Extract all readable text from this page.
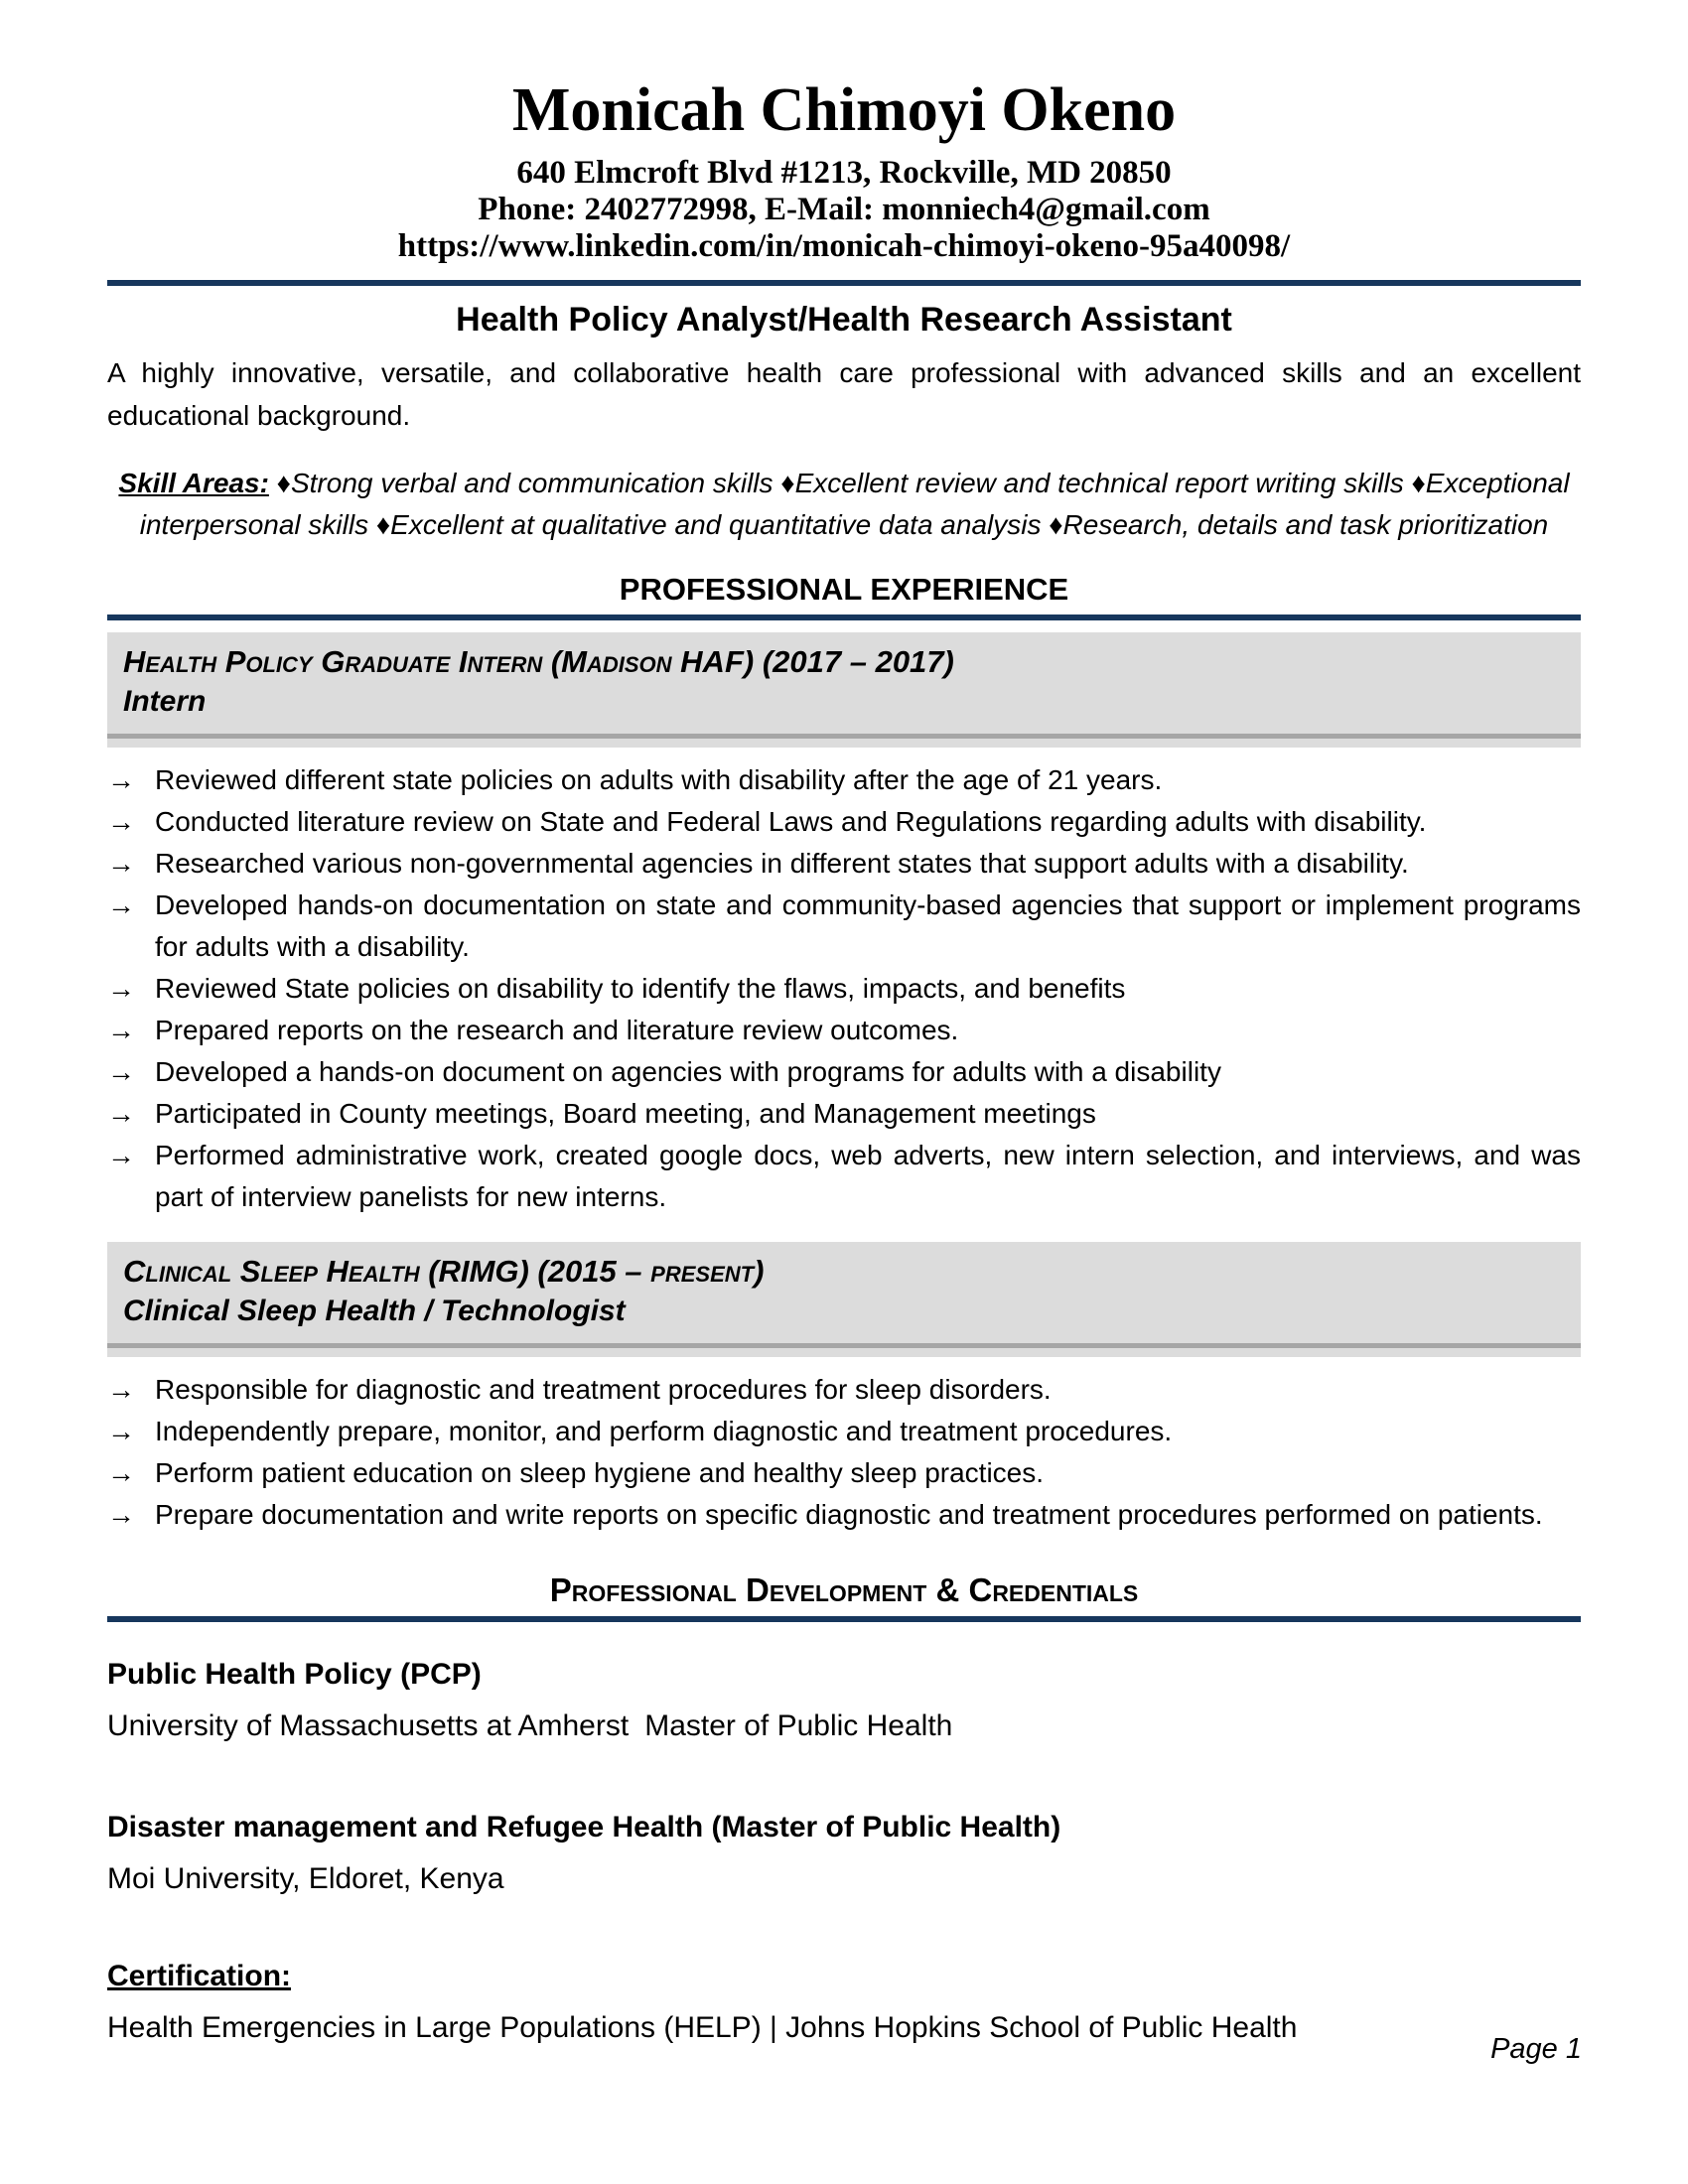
Monicah Chimoyi Okeno
640 Elmcroft Blvd #1213, Rockville, MD 20850
Phone: 2402772998, E-Mail: monniech4@gmail.com
https://www.linkedin.com/in/monicah-chimoyi-okeno-95a40098/
Health Policy Analyst/Health Research Assistant
A highly innovative, versatile, and collaborative health care professional with advanced skills and an excellent educational background.
Skill Areas: ♦Strong verbal and communication skills ♦Excellent review and technical report writing skills ♦Exceptional interpersonal skills ♦Excellent at qualitative and quantitative data analysis ♦Research, details and task prioritization
PROFESSIONAL EXPERIENCE
Health Policy Graduate Intern (Madison HAF) (2017 – 2017)
Intern
→ Reviewed different state policies on adults with disability after the age of 21 years.
→ Conducted literature review on State and Federal Laws and Regulations regarding adults with disability.
→ Researched various non-governmental agencies in different states that support adults with a disability.
→ Developed hands-on documentation on state and community-based agencies that support or implement programs for adults with a disability.
→ Reviewed State policies on disability to identify the flaws, impacts, and benefits
→ Prepared reports on the research and literature review outcomes.
→ Developed a hands-on document on agencies with programs for adults with a disability
→ Participated in County meetings, Board meeting, and Management meetings
→ Performed administrative work, created google docs, web adverts, new intern selection, and interviews, and was part of interview panelists for new interns.
Clinical Sleep Health (RIMG) (2015 – present)
Clinical Sleep Health / Technologist
→ Responsible for diagnostic and treatment procedures for sleep disorders.
→ Independently prepare, monitor, and perform diagnostic and treatment procedures.
→ Perform patient education on sleep hygiene and healthy sleep practices.
→ Prepare documentation and write reports on specific diagnostic and treatment procedures performed on patients.
Professional Development & Credentials
Public Health Policy (PCP)
University of Massachusetts at Amherst Master of Public Health
Disaster management and Refugee Health (Master of Public Health)
Moi University, Eldoret, Kenya
Certification:
Health Emergencies in Large Populations (HELP) | Johns Hopkins School of Public Health
Page 1
